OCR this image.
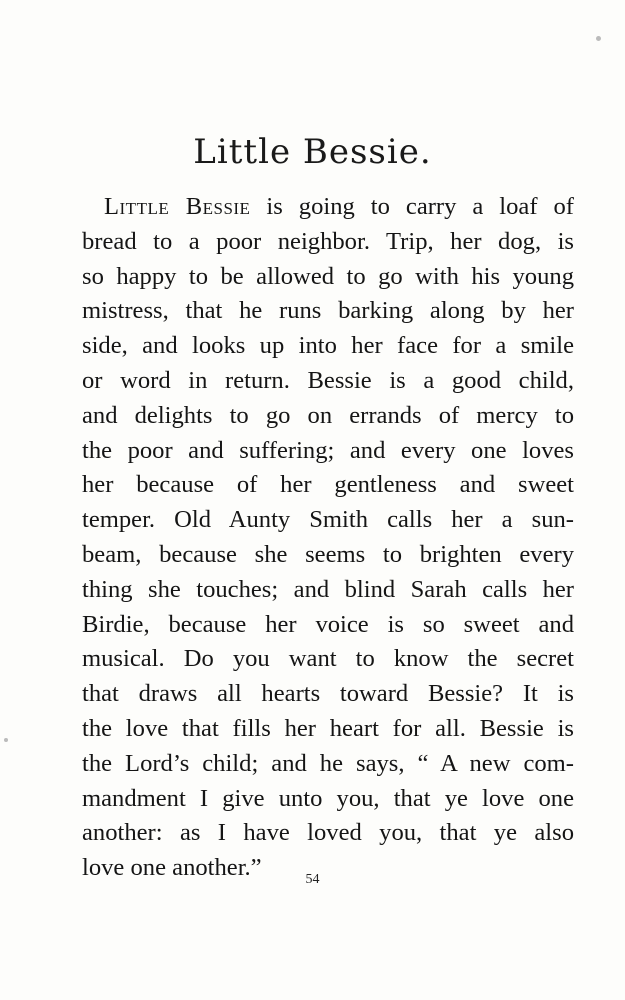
Little Bessie.
Little Bessie is going to carry a loaf of
bread to a poor neighbor. Trip, her dog, is
so happy to be allowed to go with his young
mistress, that he runs barking along by her
side, and looks up into her face for a smile
or word in return. Bessie is a good child,
and delights to go on errands of mercy to
the poor and suffering; and every one loves
her because of her gentleness and sweet
temper. Old Aunty Smith calls her a sun-
beam, because she seems to brighten every
thing she touches; and blind Sarah calls her
Birdie, because her voice is so sweet and
musical. Do you want to know the secret
that draws all hearts toward Bessie? It is
the love that fills her heart for all. Bessie is
the Lord’s child; and he says, “ A new com-
mandment I give unto you, that ye love one
another: as I have loved you, that ye also
love one another.”	54
